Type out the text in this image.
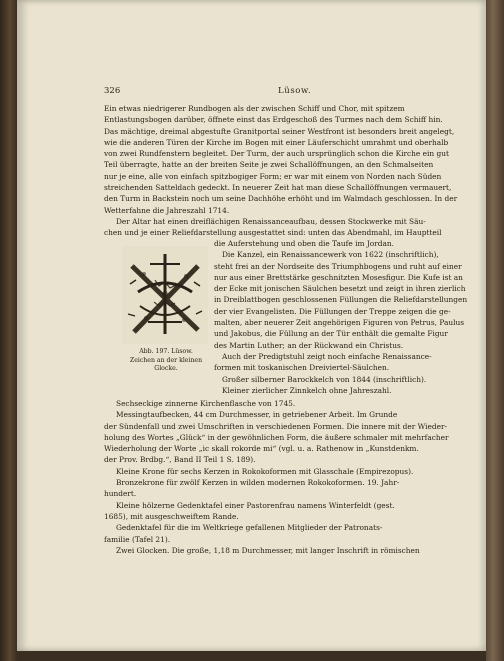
326	Lüsow.
Ein etwas niedrigerer Rundbogen als der zwischen Schiff und Chor, mit spitzem
Entlastungsbogen darüber, öffnete einst das Erdgeschoß des Turmes nach dem Schiff hin.
Das mächtige, dreimal abgestufte Granitportal seiner Westfront ist besonders breit angelegt,
wie die anderen Türen der Kirche im Bogen mit einer Läuferschicht umrahmt und oberhalb
von zwei Rundfenstern begleitet. Der Turm, der auch ursprünglich schon die Kirche ein gut
Teil überragte, hatte an der breiten Seite je zwei Schallöffnungen, an den Schmalseiten
nur je eine, alle von einfach spitzbogiger Form; er war mit einem von Norden nach Süden
streichenden Satteldach gedeckt. In neuerer Zeit hat man diese Schallöffnungen vermauert,
den Turm in Backstein noch um seine Dachhöhe erhöht und im Walmdach geschlossen. In der
Wetterfahne die Jahreszahl 1714.
Der Altar hat einen dreiflächigen Renaissanceaufbau, dessen Stockwerke mit Säu-
chen und je einer Reliefdarstellung ausgestattet sind: unten das Abendmahl, im Hauptteil
Abb. 197. Lüsow.
Zeichen an der kleinen
Glocke.
die Auferstehung und oben die Taufe im Jordan.
Die Kanzel, ein Renaissancewerk von 1622 (inschriftlich),
steht frei an der Nordseite des Triumphbogens und ruht auf einer
nur aus einer Brettstärke geschnitzten Mosesfigur. Die Kufe ist an
der Ecke mit jonischen Säulchen besetzt und zeigt in ihren zierlich
in Dreiblattbogen geschlossenen Füllungen die Reliefdarstellungen
der vier Evangelisten. Die Füllungen der Treppe zeigen die ge-
malten, aber neuerer Zeit angehörigen Figuren von Petrus, Paulus
und Jakobus, die Füllung an der Tür enthält die gemalte Figur
des Martin Luther; an der Rückwand ein Christus.
Auch der Predigtstuhl zeigt noch einfache Renaissance-
formen mit toskanischen Dreiviertel-Säulchen.
Großer silberner Barockkelch von 1844 (inschriftlich).
Kleiner zierlicher Zinnkelch ohne Jahreszahl.
Sechseckige zinnerne Kirchenflasche von 1745.
Messingtaufbecken, 44 cm Durchmesser, in getriebener Arbeit. Im Grunde
der Sündenfall und zwei Umschriften in verschiedenen Formen. Die innere mit der Wieder-
holung des Wortes „Glück“ in der gewöhnlichen Form, die äußere schmaler mit mehrfacher
Wiederholung der Worte „ic skall rokorde mi“ (vgl. u. a. Rathenow in „Kunstdenkm.
der Prov. Brdbg.“, Band II Teil 1 S. 189).
Kleine Krone für sechs Kerzen in Rokokoformen mit Glasschale (Empirezopus).
Bronzekrone für zwölf Kerzen in wilden modernen Rokokoformen. 19. Jahr-
hundert.
Kleine hölzerne Gedenktafel einer Pastorenfrau namens Winterfeldt (gest.
1685), mit ausgeschweiftem Rande.
Gedenktafel für die im Weltkriege gefallenen Mitglieder der Patronats-
familie (Tafel 21).
Zwei Glocken. Die große, 1,18 m Durchmesser, mit langer Inschrift in römischen
